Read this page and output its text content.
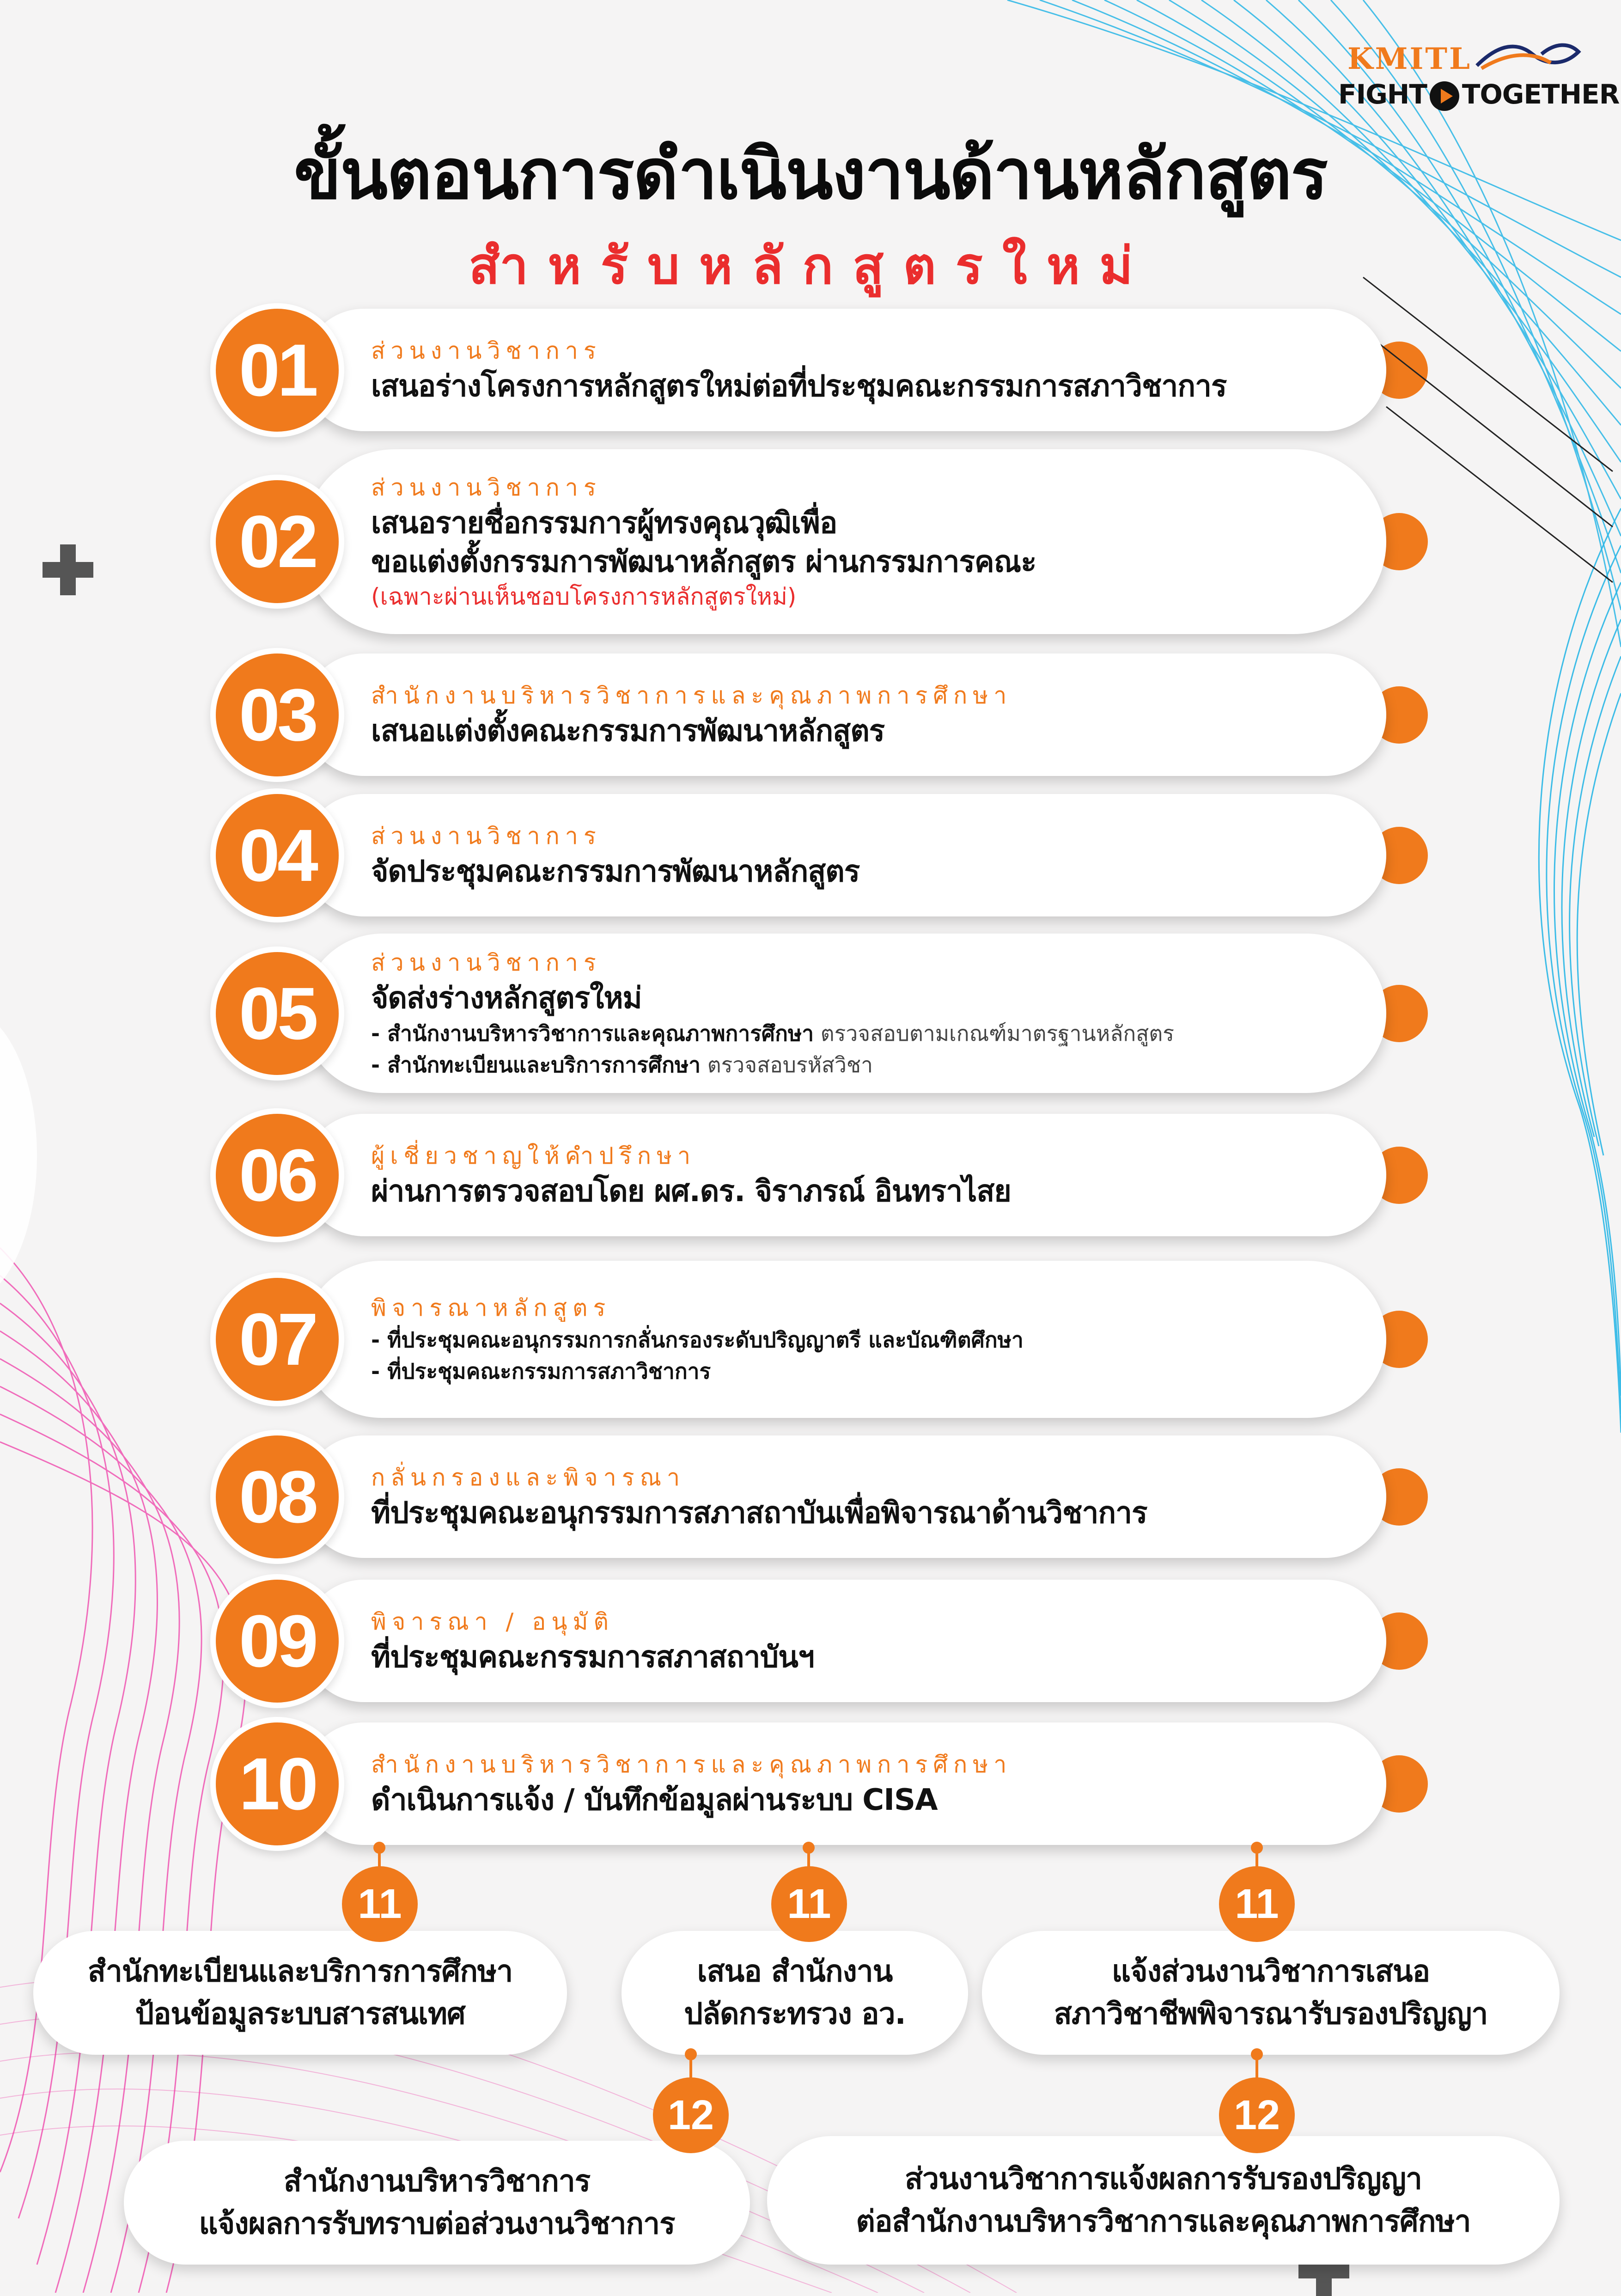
KMITL
FIGHT TOGETHER
ขั้นตอนการดำเนินงานด้านหลักสูตร
สำหรับหลักสูตรใหม่
ส่วนงานวิชาการ
เสนอร่างโครงการหลักสูตรใหม่ต่อที่ประชุมคณะกรรมการสภาวิชาการ
01
ส่วนงานวิชาการ
เสนอรายชื่อกรรมการผู้ทรงคุณวุฒิเพื่อ
ขอแต่งตั้งกรรมการพัฒนาหลักสูตร ผ่านกรรมการคณะ
(เฉพาะผ่านเห็นชอบโครงการหลักสูตรใหม่)
02
สำนักงานบริหารวิชาการและคุณภาพการศึกษา
เสนอแต่งตั้งคณะกรรมการพัฒนาหลักสูตร
03
ส่วนงานวิชาการ
จัดประชุมคณะกรรมการพัฒนาหลักสูตร
04
ส่วนงานวิชาการ
จัดส่งร่างหลักสูตรใหม่
- สำนักงานบริหารวิชาการและคุณภาพการศึกษา ตรวจสอบตามเกณฑ์มาตรฐานหลักสูตร
- สำนักทะเบียนและบริการการศึกษา ตรวจสอบรหัสวิชา
05
ผู้เชี่ยวชาญให้คำปรึกษา
ผ่านการตรวจสอบโดย ผศ.ดร. จิราภรณ์ อินทราไสย
06
พิจารณาหลักสูตร
- ที่ประชุมคณะอนุกรรมการกลั่นกรองระดับปริญญาตรี และบัณฑิตศึกษา
- ที่ประชุมคณะกรรมการสภาวิชาการ
07
กลั่นกรองและพิจารณา
ที่ประชุมคณะอนุกรรมการสภาสถาบันเพื่อพิจารณาด้านวิชาการ
08
พิจารณา / อนุมัติ
ที่ประชุมคณะกรรมการสภาสถาบันฯ
09
สำนักงานบริหารวิชาการและคุณภาพการศึกษา
ดำเนินการแจ้ง / บันทึกข้อมูลผ่านระบบ CISA
10
สำนักทะเบียนและบริการการศึกษา
ป้อนข้อมูลระบบสารสนเทศ
11
เสนอ สำนักงาน
ปลัดกระทรวง อว.
11
แจ้งส่วนงานวิชาการเสนอ
สภาวิชาชีพพิจารณารับรองปริญญา
11
สำนักงานบริหารวิชาการ
แจ้งผลการรับทราบต่อส่วนงานวิชาการ
12
ส่วนงานวิชาการแจ้งผลการรับรองปริญญา
ต่อสำนักงานบริหารวิชาการและคุณภาพการศึกษา
12
